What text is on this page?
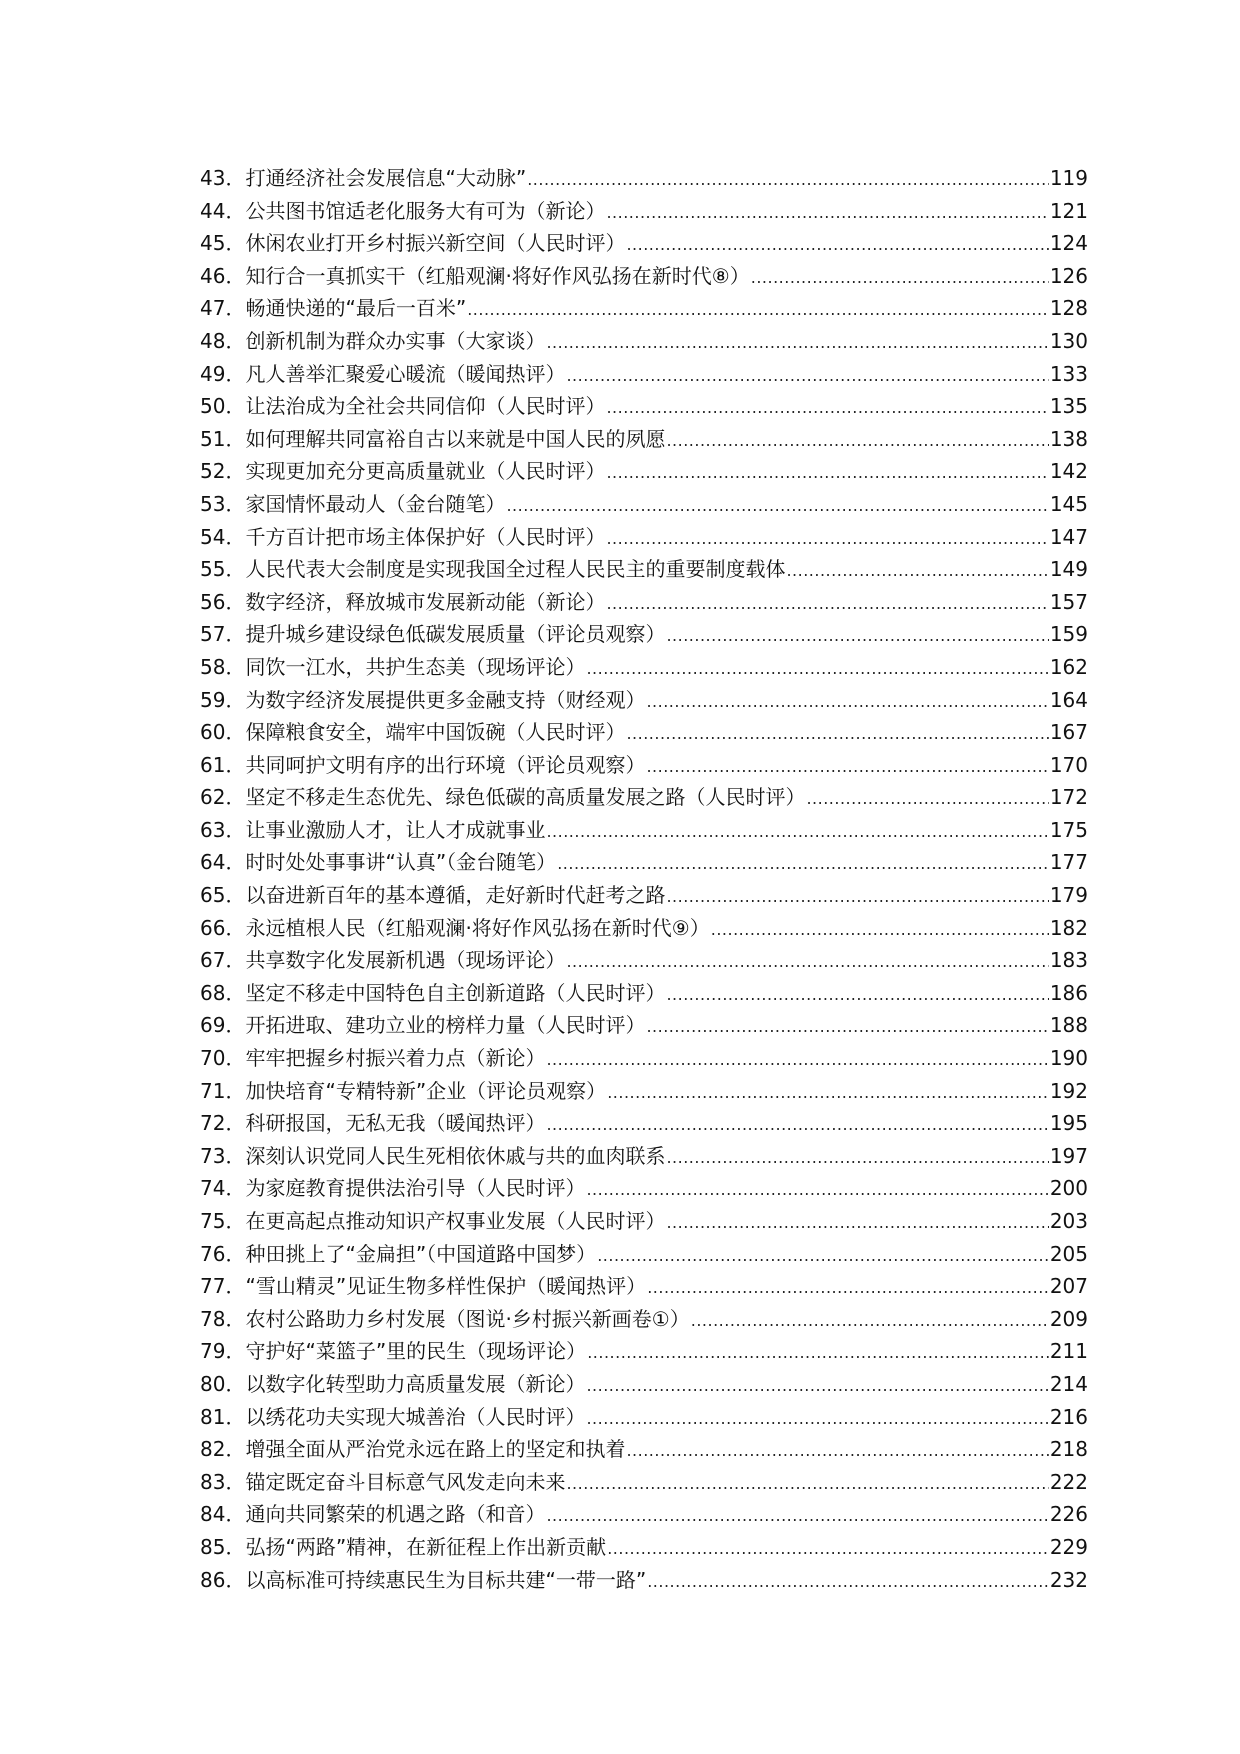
43． 打通经济社会发展信息“大动脉” .....	119
44． 公共图书馆适老化服务大有可为（新论） .....	121
45． 休闲农业打开乡村振兴新空间（人民时评） .....	124
46． 知行合一真抓实干（红船观澜·将好作风弘扬在新时代⑧） .....	126
47． 畅通快递的“最后一百米” .....	128
48． 创新机制为群众办实事（大家谈） .....	130
49． 凡人善举汇聚爱心暖流（暖闻热评） .....	133
50． 让法治成为全社会共同信仰（人民时评） .....	135
51． 如何理解共同富裕自古以来就是中国人民的夙愿 .....	138
52． 实现更加充分更高质量就业（人民时评） .....	142
53． 家国情怀最动人（金台随笔） .....	145
54． 千方百计把市场主体保护好（人民时评） .....	147
55． 人民代表大会制度是实现我国全过程人民民主的重要制度载体 .....	149
56． 数字经济，释放城市发展新动能（新论） .....	157
57． 提升城乡建设绿色低碳发展质量（评论员观察） .....	159
58． 同饮一江水，共护生态美（现场评论） .....	162
59． 为数字经济发展提供更多金融支持（财经观） .....	164
60． 保障粮食安全，端牢中国饭碗（人民时评） .....	167
61． 共同呵护文明有序的出行环境（评论员观察） .....	170
62． 坚定不移走生态优先、绿色低碳的高质量发展之路（人民时评） .....	172
63． 让事业激励人才，让人才成就事业 .....	175
64． 时时处处事事讲“认真”（金台随笔） .....	177
65． 以奋进新百年的基本遵循，走好新时代赶考之路 .....	179
66． 永远植根人民（红船观澜·将好作风弘扬在新时代⑨） .....	182
67． 共享数字化发展新机遇（现场评论） .....	183
68． 坚定不移走中国特色自主创新道路（人民时评） .....	186
69． 开拓进取、建功立业的榜样力量（人民时评） .....	188
70． 牢牢把握乡村振兴着力点（新论） .....	190
71． 加快培育“专精特新”企业（评论员观察） .....	192
72． 科研报国，无私无我（暖闻热评） .....	195
73． 深刻认识党同人民生死相依休戚与共的血肉联系 .....	197
74． 为家庭教育提供法治引导（人民时评） .....	200
75． 在更高起点推动知识产权事业发展（人民时评） .....	203
76． 种田挑上了“金扁担”（中国道路中国梦） .....	205
77． “雪山精灵”见证生物多样性保护（暖闻热评） .....	207
78． 农村公路助力乡村发展（图说·乡村振兴新画卷①） .....	209
79． 守护好“菜篮子”里的民生（现场评论） .....	211
80． 以数字化转型助力高质量发展（新论） .....	214
81． 以绣花功夫实现大城善治（人民时评） .....	216
82． 增强全面从严治党永远在路上的坚定和执着 .....	218
83． 锚定既定奋斗目标意气风发走向未来 .....	222
84． 通向共同繁荣的机遇之路（和音） .....	226
85． 弘扬“两路”精神，在新征程上作出新贡献 .....	229
86． 以高标准可持续惠民生为目标共建“一带一路” .....	232
